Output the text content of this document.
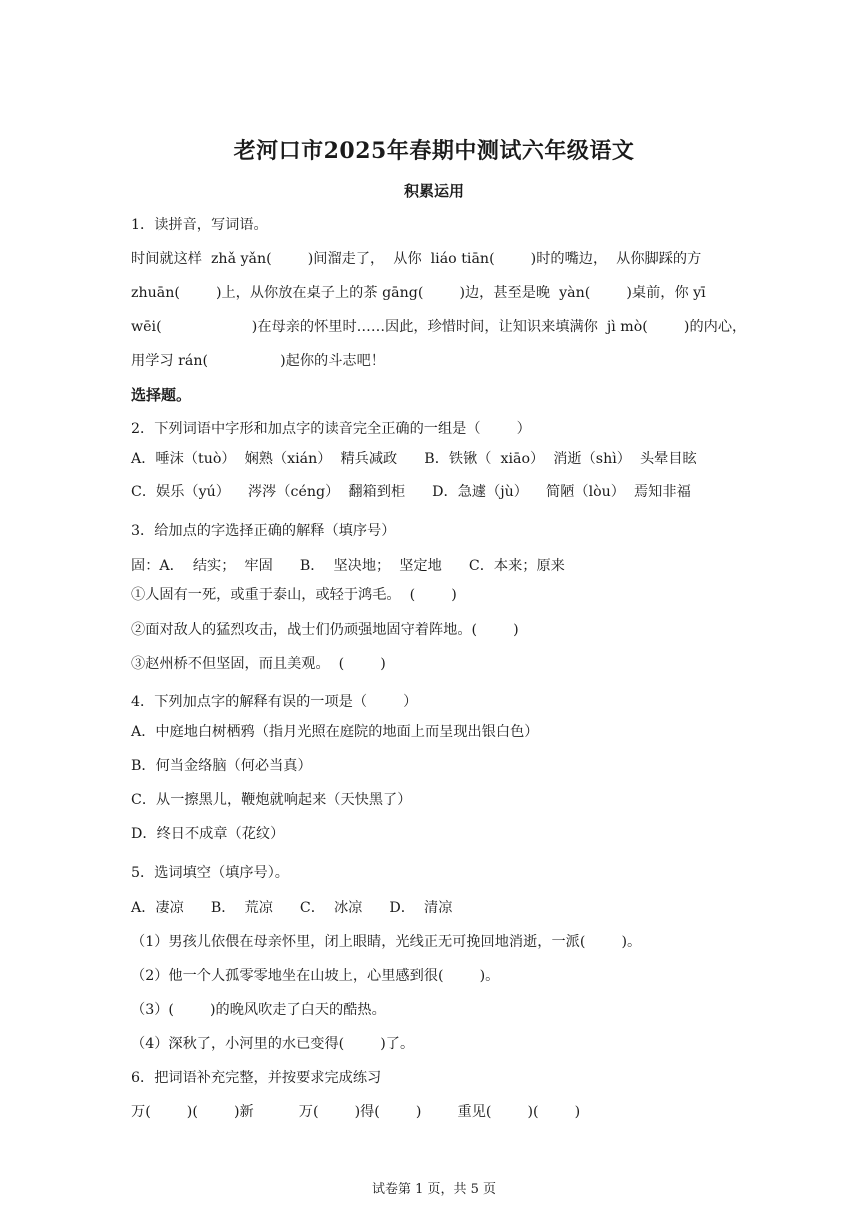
老河口市2025年春期中测试六年级语文
积累运用
1．读拼音，写词语。
时间就这样  zhǎ yǎn(        )间溜走了，  从你  liáo tiān(        )时的嘴边，  从你脚踩的方
zhuān(        )上，从你放在桌子上的茶 gāng(        )边，甚至是晚  yàn(        )桌前，你 yī
wēi(                    )在母亲的怀里时……因此，珍惜时间，让知识来填满你  jì mò(        )的内心，
用学习 rán(                )起你的斗志吧！
选择题。
2．下列词语中字形和加点字的读音完全正确的一组是（        ）
A．唾沫（tuò）  娴熟（xián）  精兵减政      B．铁锹（  xiāo）  消逝（shì）  头晕目眩
C．娱乐（yú）    涔涔（céng）  翻箱到柜      D．急遽（jù）    简陋（lòu）  焉知非福
3．给加点的字选择正确的解释（填序号）
固：A．  结实；  牢固      B．  坚决地；  坚定地      C．本来；原来
①人固有一死，或重于泰山，或轻于鸿毛。  (        )
②面对敌人的猛烈攻击，战士们仍顽强地固守着阵地。(        )
③赵州桥不但坚固，而且美观。  (        )
4．下列加点字的解释有误的一项是（        ）
A．中庭地白树栖鸦（指月光照在庭院的地面上而呈现出银白色）
B．何当金络脑（何必当真）
C．从一擦黑儿，鞭炮就响起来（天快黑了）
D．终日不成章（花纹）
5．选词填空（填序号）。
A．凄凉      B．  荒凉      C．  冰凉      D．  清凉
（1）男孩儿依偎在母亲怀里，闭上眼睛，光线正无可挽回地消逝，一派(        )。
（2）他一个人孤零零地坐在山坡上，心里感到很(        )。
（3）(        )的晚风吹走了白天的酷热。
（4）深秋了，小河里的水已变得(        )了。
6．把词语补充完整，并按要求完成练习
万(        )(        )新          万(        )得(        )        重见(        )(        )
试卷第 1 页，共 5 页
